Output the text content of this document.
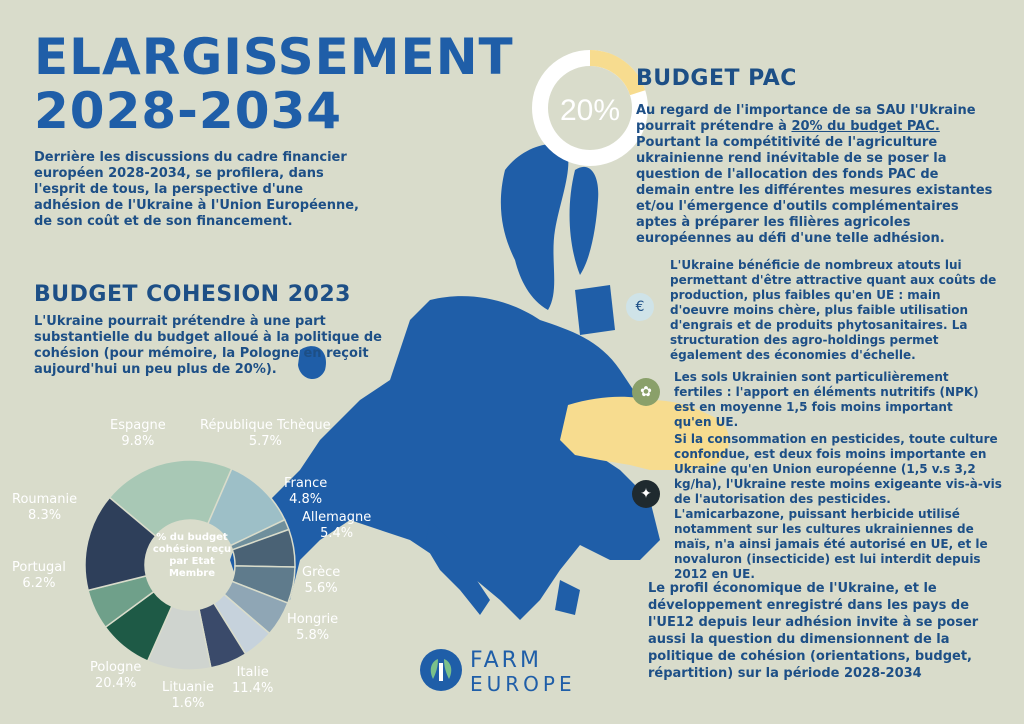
ELARGISSEMENT
2028-2034
Derrière les discussions du cadre financier européen 2028-2034, se profilera, dans l'esprit de tous, la perspective d'une adhésion de l'Ukraine à l'Union Européenne, de son coût et de son financement.
BUDGET COHESION 2023
L'Ukraine pourrait prétendre à une part substantielle du budget alloué à la politique de cohésion (pour mémoire, la Pologne en reçoit aujourd'hui un peu plus de 20%).
20%
BUDGET PAC
Au regard de l'importance de sa SAU l'Ukraine pourrait prétendre à 20% du budget PAC. Pourtant la compétitivité de l'agriculture ukrainienne rend inévitable de se poser la question de l'allocation des fonds PAC de demain entre les différentes mesures existantes et/ou l'émergence d'outils complémentaires aptes à préparer les filières agricoles européennes au défi d'une telle adhésion.
€
L'Ukraine bénéficie de nombreux atouts lui permettant d'être attractive quant aux coûts de production, plus faibles qu'en UE : main d'oeuvre moins chère, plus faible utilisation d'engrais et de produits phytosanitaires. La structuration des agro-holdings permet également des économies d'échelle.
✿
Les sols Ukrainien sont particulièrement fertiles : l'apport en éléments nutritifs (NPK) est en moyenne 1,5 fois moins important qu'en UE.
✦
Si la consommation en pesticides, toute culture confondue, est deux fois moins importante en Ukraine qu'en Union européenne (1,5 v.s 3,2 kg/ha), l'Ukraine reste moins exigeante vis-à-vis de l'autorisation des pesticides. L'amicarbazone, puissant herbicide utilisé notamment sur les cultures ukrainiennes de maïs, n'a ainsi jamais été autorisé en UE, et le novaluron (insecticide) est lui interdit depuis 2012 en UE.
Le profil économique de l'Ukraine, et le développement enregistré dans les pays de l'UE12 depuis leur adhésion invite à se poser aussi la question du dimensionnent de la politique de cohésion (orientations, budget, répartition) sur la période 2028-2034
% du budget cohésion reçu par Etat Membre
Pologne
20.4%
Italie
11.4%
Lituanie
1.6%
Hongrie
5.8%
Grèce
5.6%
Allemagne
5.4%
France
4.8%
République Tchèque
5.7%
Espagne
9.8%
Roumanie
8.3%
Portugal
6.2%
FARM
EUROPE
